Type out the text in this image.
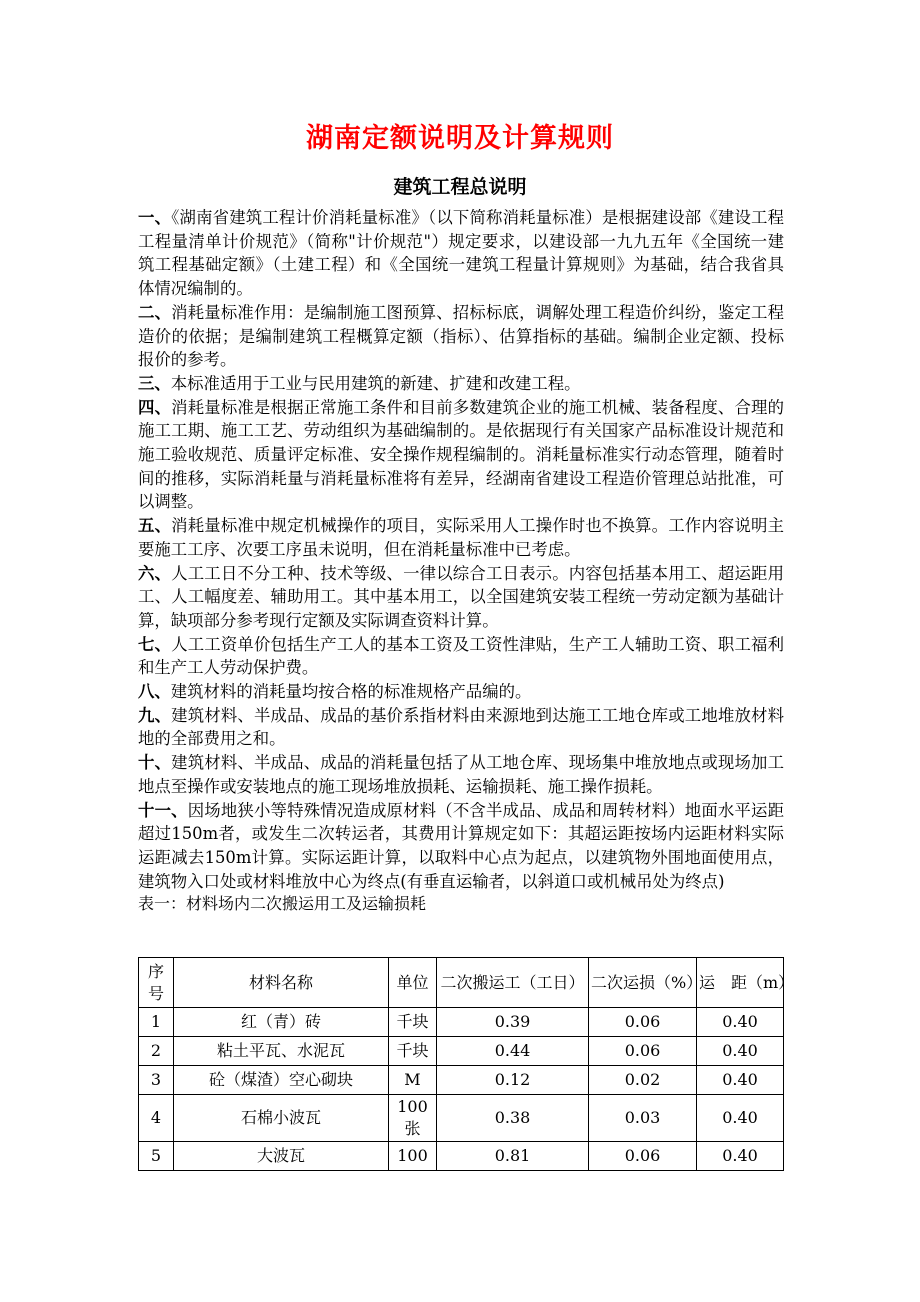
湖南定额说明及计算规则
建筑工程总说明

一、《湖南省建筑工程计价消耗量标准》（以下简称消耗量标准）是根据建设部《建设工程工程量清单计价规范》（简称"计价规范"）规定要求，以建设部一九九五年《全国统一建筑工程基础定额》（土建工程）和《全国统一建筑工程量计算规则》为基础，结合我省具体情况编制的。

二、消耗量标准作用：是编制施工图预算、招标标底，调解处理工程造价纠纷，鉴定工程造价的依据；是编制建筑工程概算定额（指标）、估算指标的基础。编制企业定额、投标报价的参考。

三、本标准适用于工业与民用建筑的新建、扩建和改建工程。

四、消耗量标准是根据正常施工条件和目前多数建筑企业的施工机械、装备程度、合理的施工工期、施工工艺、劳动组织为基础编制的。是依据现行有关国家产品标准设计规范和施工验收规范、质量评定标准、安全操作规程编制的。消耗量标准实行动态管理，随着时间的推移，实际消耗量与消耗量标准将有差异，经湖南省建设工程造价管理总站批准，可以调整。

五、消耗量标准中规定机械操作的项目，实际采用人工操作时也不换算。工作内容说明主要施工工序、次要工序虽未说明，但在消耗量标准中已考虑。

六、人工工日不分工种、技术等级、一律以综合工日表示。内容包括基本用工、超运距用工、人工幅度差、辅助用工。其中基本用工，以全国建筑安装工程统一劳动定额为基础计算，缺项部分参考现行定额及实际调查资料计算。

七、人工工资单价包括生产工人的基本工资及工资性津贴，生产工人辅助工资、职工福利和生产工人劳动保护费。

八、建筑材料的消耗量均按合格的标准规格产品编的。

九、建筑材料、半成品、成品的基价系指材料由来源地到达施工工地仓库或工地堆放材料地的全部费用之和。

十、建筑材料、半成品、成品的消耗量包括了从工地仓库、现场集中堆放地点或现场加工地点至操作或安装地点的施工现场堆放损耗、运输损耗、施工操作损耗。

十一、因场地狭小等特殊情况造成原材料（不含半成品、成品和周转材料）地面水平运距超过150m者，或发生二次转运者，其费用计算规定如下：其超运距按场内运距材料实际运距减去150m计算。实际运距计算，以取料中心点为起点，以建筑物外围地面使用点，建筑物入口处或材料堆放中心为终点(有垂直运输者，以斜道口或机械吊处为终点)

表一：材料场内二次搬运用工及运输损耗

序号	材料名称	单位	二次搬运工（工日）	二次运损（%）	运　距（m）
1	红（青）砖	千块	0.39	0.06	0.40
2	粘土平瓦、水泥瓦	千块	0.44	0.06	0.40
3	砼（煤渣）空心砌块	M	0.12	0.02	0.40
4	石棉小波瓦	100张	0.38	0.03	0.40
5	大波瓦	100	0.81	0.06	0.40
